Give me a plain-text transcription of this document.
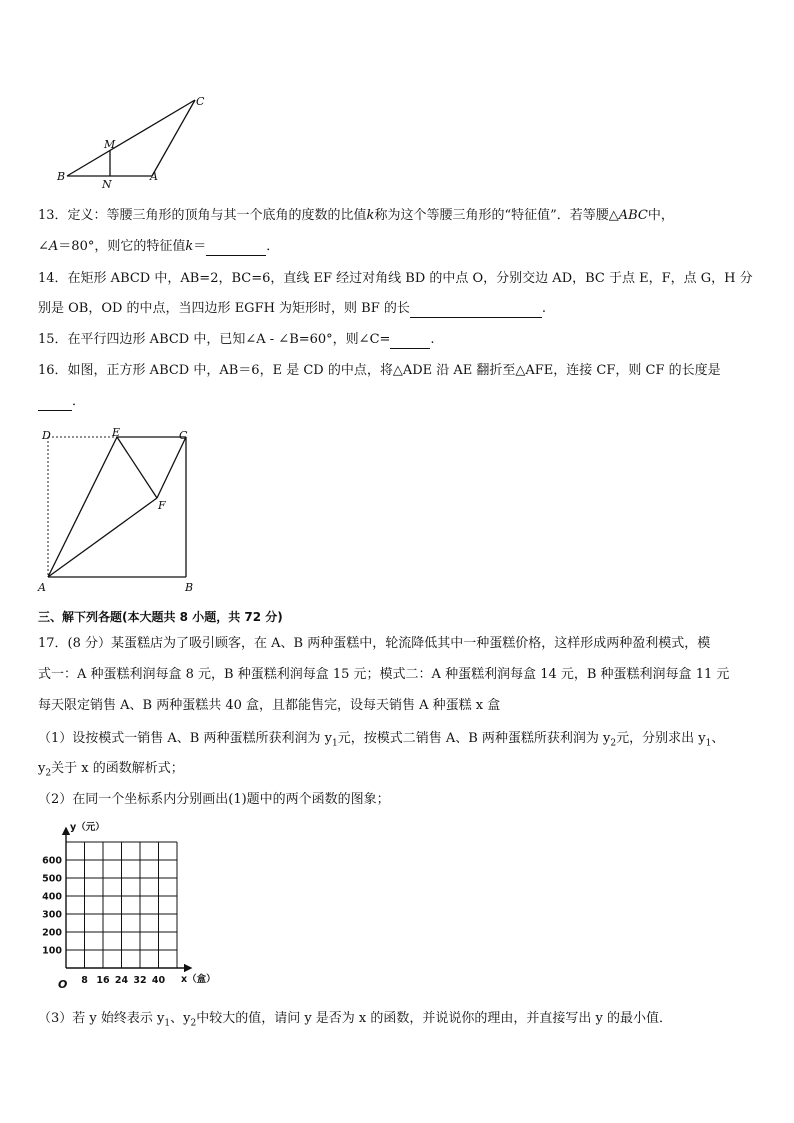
C
M
B
N
A
13．定义：等腰三角形的顶角与其一个底角的度数的比值k称为这个等腰三角形的“特征值”．若等腰△ABC中，
∠A＝80°，则它的特征值k＝	．
14．在矩形 ABCD 中，AB=2，BC=6，直线 EF 经过对角线 BD 的中点 O，分别交边 AD，BC 于点 E，F，点 G，H 分
别是 OB，OD 的中点，当四边形 EGFH 为矩形时，则 BF 的长	.
15．在平行四边形 ABCD 中，已知∠A - ∠B=60°，则∠C=	.
16．如图，正方形 ABCD 中，AB＝6，E 是 CD 的中点，将△ADE 沿 AE 翻折至△AFE，连接 CF，则 CF 的长度是
．
D	E	C
F
A	B
三、解下列各题(本大题共 8 小题，共 72 分)
17．(8 分）某蛋糕店为了吸引顾客，在 A、B 两种蛋糕中，轮流降低其中一种蛋糕价格，这样形成两种盈利模式，模
式一：A 种蛋糕利润每盒 8 元，B 种蛋糕利润每盒 15 元；模式二：A 种蛋糕利润每盒 14 元，B 种蛋糕利润每盒 11 元
每天限定销售 A、B 两种蛋糕共 40 盒，且都能售完，设每天销售 A 种蛋糕 x 盒
（1）设按模式一销售 A、B 两种蛋糕所获利润为 $y_1$元，按模式二销售 A、B 两种蛋糕所获利润为 $y_2$元，分别求出 $y_1$、
$y_2$关于 x 的函数解析式；
（2）在同一个坐标系内分别画出(1)题中的两个函数的图象；
600
500
400
300
200
100
8 16 24 32 40
y（元）
x（盒）
O
（3）若 y 始终表示 $y_1$、$y_2$中较大的值，请问 y 是否为 x 的函数，并说说你的理由，并直接写出 y 的最小值．
